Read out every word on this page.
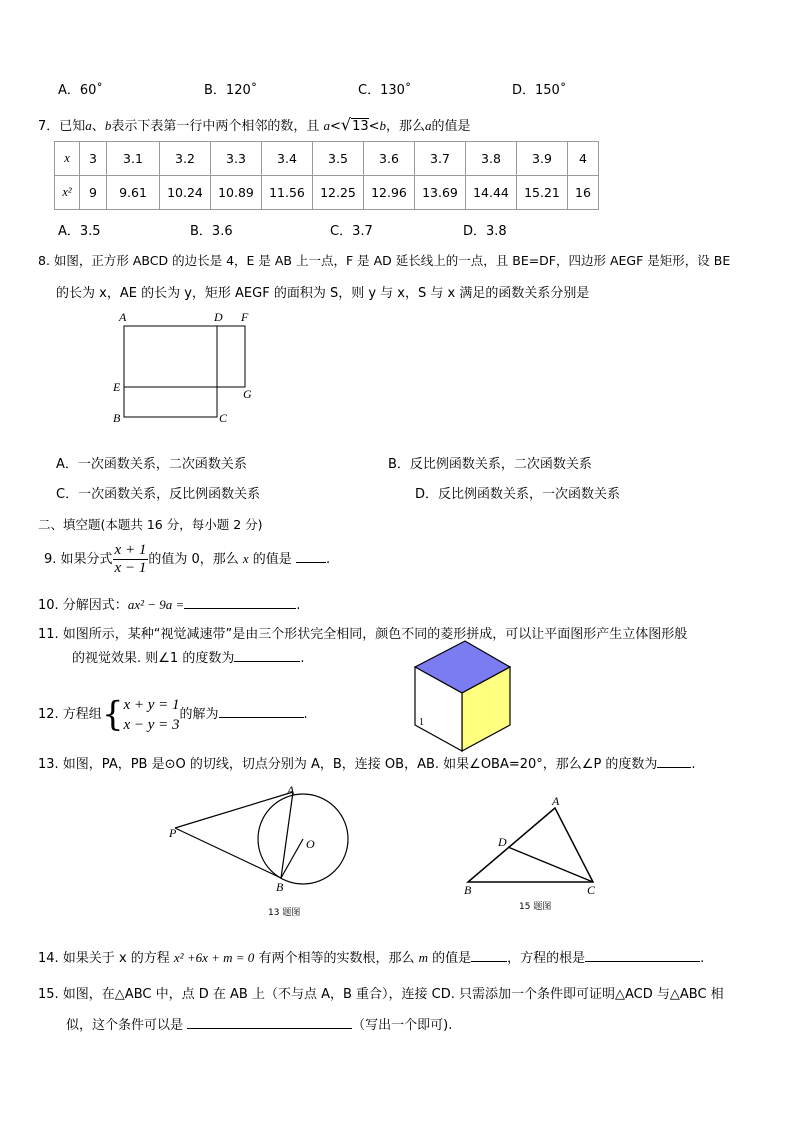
A．60˚	B．120˚	C．130˚	D．150˚
7．已知a、b表示下表第一行中两个相邻的数，且 a<√13<b，那么a的值是
x	3	3.1	3.2	3.3	3.4	3.5	3.6	3.7	3.8	3.9	4
x²	9	9.61	10.24	10.89	11.56	12.25	12.96	13.69	14.44	15.21	16
A．3.5	B．3.6	C．3.7	D．3.8
8. 如图，正方形 ABCD 的边长是 4，E 是 AB 上一点，F 是 AD 延长线上的一点，且 BE=DF，四边形 AEGF 是矩形，设 BE
的长为 x，AE 的长为 y，矩形 AEGF 的面积为 S，则 y 与 x，S 与 x 满足的函数关系分别是
A	D F
E	G
B	C
A．一次函数关系，二次函数关系	B．反比例函数关系，二次函数关系
C．一次函数关系，反比例函数关系	D．反比例函数关系，一次函数关系
二、填空题(本题共 16 分，每小题 2 分)
9. 如果分式 $\frac{x + 1}{x - 1}$ 的值为 0，那么 x 的值是	.
10. 分解因式：ax² − 9a =	.
11. 如图所示，某种“视觉减速带”是由三个形状完全相同，颜色不同的菱形拼成，可以让平面图形产生立体图形般
的视觉效果. 则∠1 的度数为	.
1
12. 方程组{ x + y = 1
x − y = 3
的解为	.
13. 如图，PA，PB 是⊙O 的切线，切点分别为 A，B，连接 OB，AB. 如果∠OBA=20°，那么∠P 的度数为	.
A
P
O
B
13 题图
A
D
B	C
15 题图
14. 如果关于 x 的方程 x² +6x + m = 0 有两个相等的实数根，那么 m 的值是	，方程的根是	.
15. 如图，在△ABC 中，点 D 在 AB 上（不与点 A，B 重合），连接 CD. 只需添加一个条件即可证明△ACD 与△ABC 相
似，这个条件可以是	（写出一个即可).
